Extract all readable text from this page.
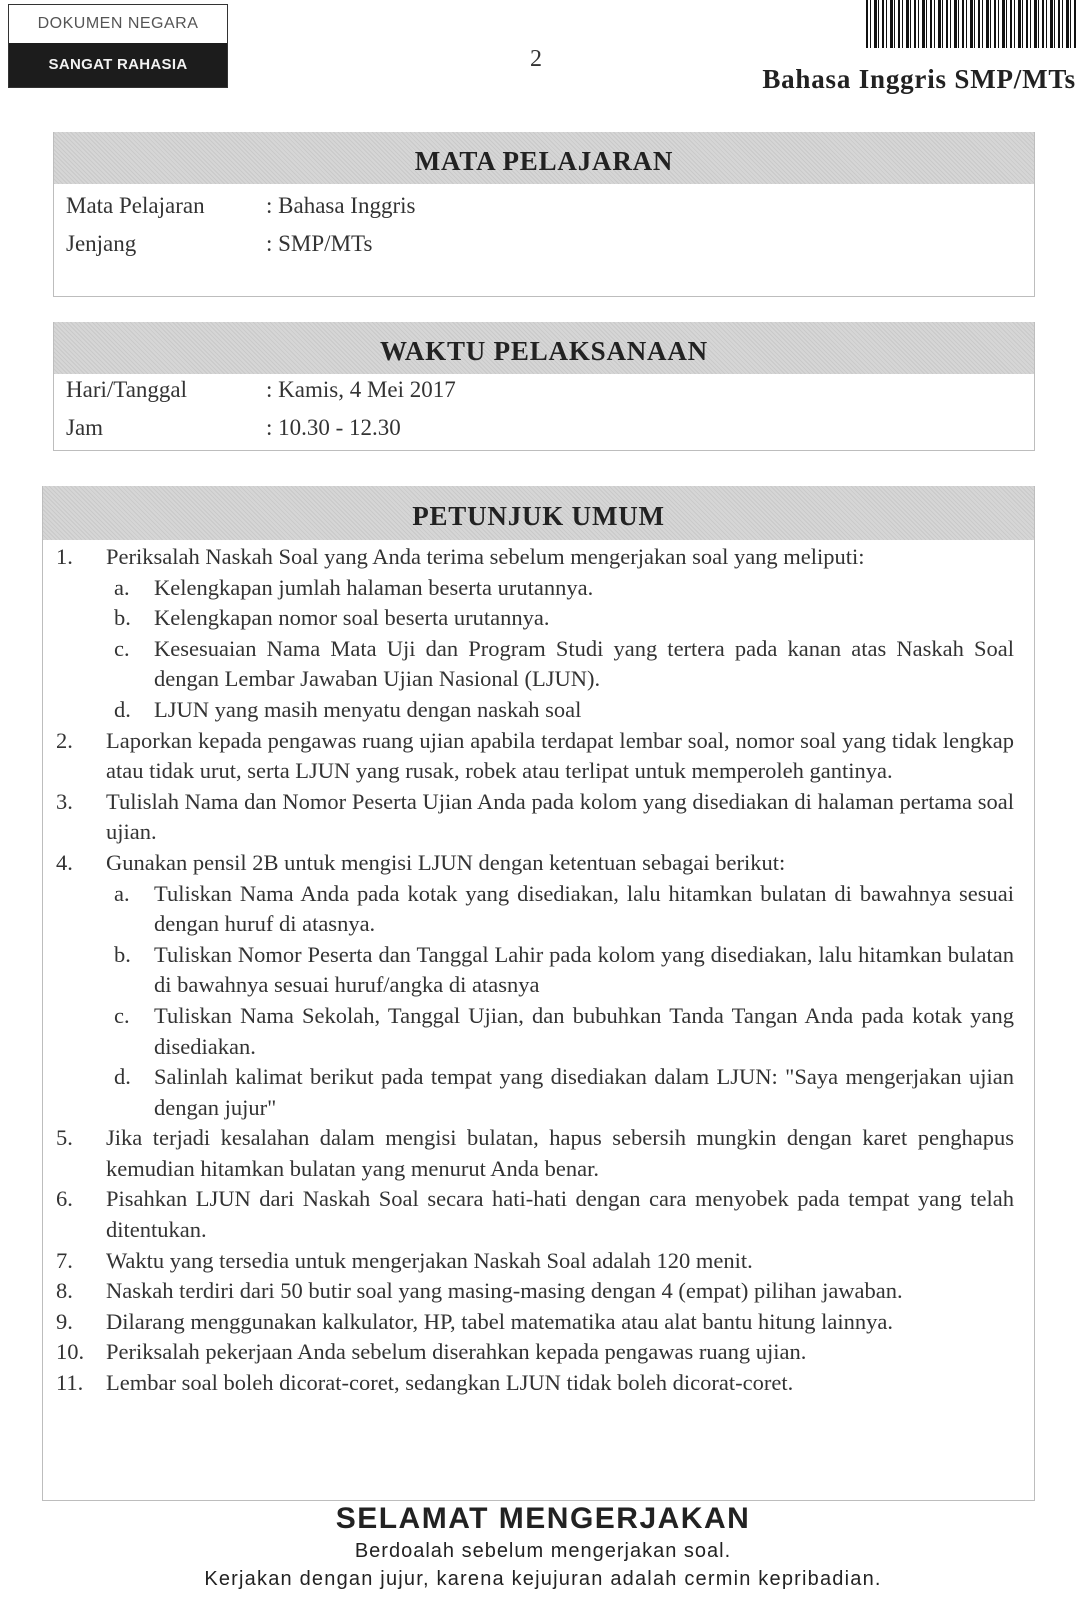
DOKUMEN NEGARA
SANGAT RAHASIA	2
Bahasa Inggris SMP/MTs
MATA PELAJARAN
Mata Pelajaran	: Bahasa Inggris
Jenjang	: SMP/MTs
WAKTU PELAKSANAAN
Hari/Tanggal	: Kamis, 4 Mei 2017
Jam	: 10.30 - 12.30
PETUNJUK UMUM
1. Periksalah Naskah Soal yang Anda terima sebelum mengerjakan soal yang meliputi:
a. Kelengkapan jumlah halaman beserta urutannya.
b. Kelengkapan nomor soal beserta urutannya.
c. Kesesuaian Nama Mata Uji dan Program Studi yang tertera pada kanan atas Naskah Soal dengan Lembar Jawaban Ujian Nasional (LJUN).
d. LJUN yang masih menyatu dengan naskah soal
2. Laporkan kepada pengawas ruang ujian apabila terdapat lembar soal, nomor soal yang tidak lengkap atau tidak urut, serta LJUN yang rusak, robek atau terlipat untuk memperoleh gantinya.
3. Tulislah Nama dan Nomor Peserta Ujian Anda pada kolom yang disediakan di halaman pertama soal ujian.
4. Gunakan pensil 2B untuk mengisi LJUN dengan ketentuan sebagai berikut:
a. Tuliskan Nama Anda pada kotak yang disediakan, lalu hitamkan bulatan di bawahnya sesuai dengan huruf di atasnya.
b. Tuliskan Nomor Peserta dan Tanggal Lahir pada kolom yang disediakan, lalu hitamkan bulatan di bawahnya sesuai huruf/angka di atasnya
c. Tuliskan Nama Sekolah, Tanggal Ujian, dan bubuhkan Tanda Tangan Anda pada kotak yang disediakan.
d. Salinlah kalimat berikut pada tempat yang disediakan dalam LJUN: "Saya mengerjakan ujian dengan jujur"
5. Jika terjadi kesalahan dalam mengisi bulatan, hapus sebersih mungkin dengan karet penghapus kemudian hitamkan bulatan yang menurut Anda benar.
6. Pisahkan LJUN dari Naskah Soal secara hati-hati dengan cara menyobek pada tempat yang telah ditentukan.
7. Waktu yang tersedia untuk mengerjakan Naskah Soal adalah 120 menit.
8. Naskah terdiri dari 50 butir soal yang masing-masing dengan 4 (empat) pilihan jawaban.
9. Dilarang menggunakan kalkulator, HP, tabel matematika atau alat bantu hitung lainnya.
10. Periksalah pekerjaan Anda sebelum diserahkan kepada pengawas ruang ujian.
11. Lembar soal boleh dicorat-coret, sedangkan LJUN tidak boleh dicorat-coret.
SELAMAT MENGERJAKAN
Berdoalah sebelum mengerjakan soal.
Kerjakan dengan jujur, karena kejujuran adalah cermin kepribadian.
